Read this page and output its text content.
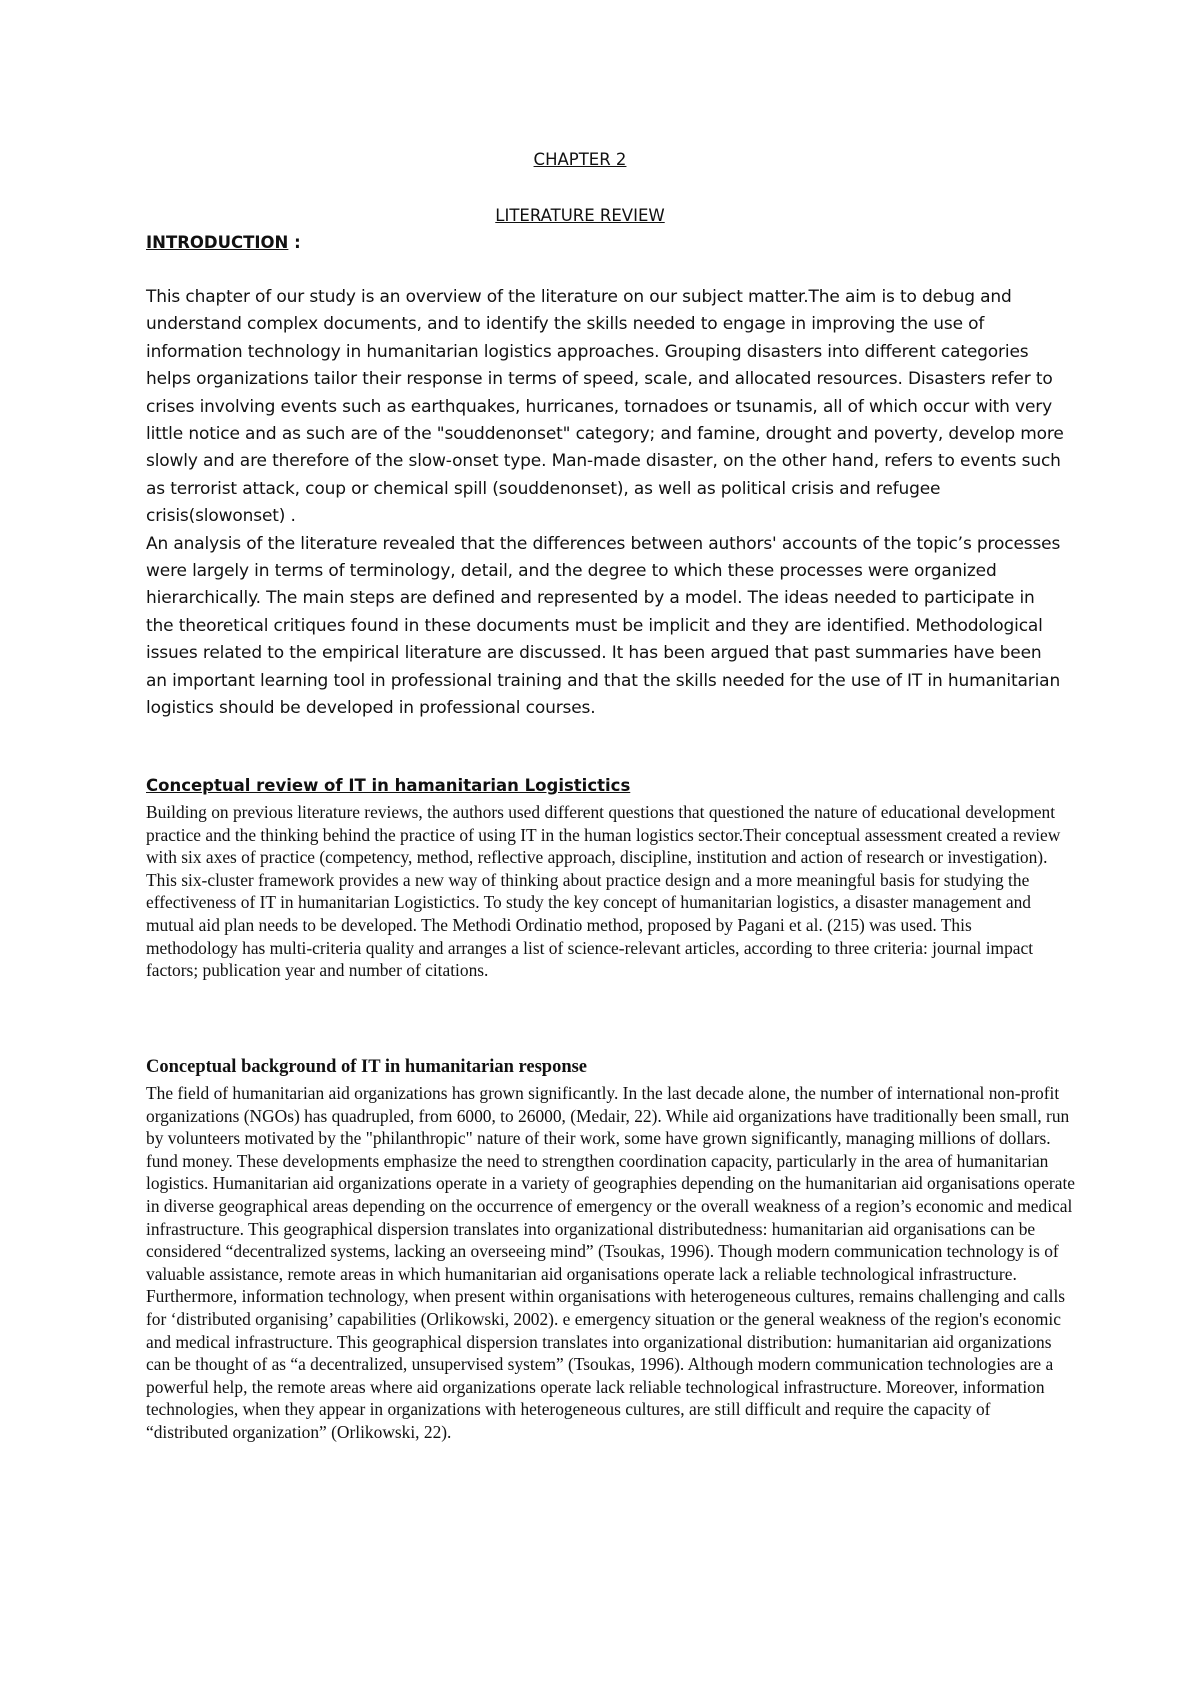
CHAPTER 2
LITERATURE REVIEW
INTRODUCTION :

This chapter of our study is an overview of the literature on our subject matter.The aim is to debug and understand complex documents, and to identify the skills needed to engage in improving the use of information technology in humanitarian logistics approaches. Grouping disasters into different categories helps organizations tailor their response in terms of speed, scale, and allocated resources. Disasters refer to crises involving events such as earthquakes, hurricanes, tornadoes or tsunamis, all of which occur with very little notice and as such are of the "souddenonset" category; and famine, drought and poverty, develop more slowly and are therefore of the slow-onset type. Man-made disaster, on the other hand, refers to events such as terrorist attack, coup or chemical spill (souddenonset), as well as political crisis and refugee crisis(slowonset) .

An analysis of the literature revealed that the differences between authors' accounts of the topic’s processes were largely in terms of terminology, detail, and the degree to which these processes were organized hierarchically. The main steps are defined and represented by a model. The ideas needed to participate in the theoretical critiques found in these documents must be implicit and they are identified. Methodological issues related to the empirical literature are discussed. It has been argued that past summaries have been an important learning tool in professional training and that the skills needed for the use of IT in humanitarian logistics should be developed in professional courses.

Conceptual review of IT in hamanitarian Logistictics

Building on previous literature reviews, the authors used different questions that questioned the nature of educational development practice and the thinking behind the practice of using IT in the human logistics sector.Their conceptual assessment created a review with six axes of practice (competency, method, reflective approach, discipline, institution and action of research or investigation). This six-cluster framework provides a new way of thinking about practice design and a more meaningful basis for studying the effectiveness of IT in humanitarian Logistictics. To study the key concept of humanitarian logistics, a disaster management and mutual aid plan needs to be developed. The Methodi Ordinatio method, proposed by Pagani et al. (215) was used. This methodology has multi-criteria quality and arranges a list of science-relevant articles, according to three criteria: journal impact factors; publication year and number of citations.

Conceptual background of IT in humanitarian response

The field of humanitarian aid organizations has grown significantly. In the last decade alone, the number of international non-profit organizations (NGOs) has quadrupled, from 6000, to 26000, (Medair, 22). While aid organizations have traditionally been small, run by volunteers motivated by the "philanthropic" nature of their work, some have grown significantly, managing millions of dollars. fund money. These developments emphasize the need to strengthen coordination capacity, particularly in the area of humanitarian logistics. Humanitarian aid organizations operate in a variety of geographies depending on the humanitarian aid organisations operate in diverse geographical areas depending on the occurrence of emergency or the overall weakness of a region’s economic and medical infrastructure. This geographical dispersion translates into organizational distributedness: humanitarian aid organisations can be considered “decentralized systems, lacking an overseeing mind” (Tsoukas, 1996). Though modern communication technology is of valuable assistance, remote areas in which humanitarian aid organisations operate lack a reliable technological infrastructure. Furthermore, information technology, when present within organisations with heterogeneous cultures, remains challenging and calls for ‘distributed organising’ capabilities (Orlikowski, 2002). e emergency situation or the general weakness of the region's economic and medical infrastructure. This geographical dispersion translates into organizational distribution: humanitarian aid organizations can be thought of as “a decentralized, unsupervised system” (Tsoukas, 1996). Although modern communication technologies are a powerful help, the remote areas where aid organizations operate lack reliable technological infrastructure. Moreover, information technologies, when they appear in organizations with heterogeneous cultures, are still difficult and require the capacity of “distributed organization” (Orlikowski, 22).
